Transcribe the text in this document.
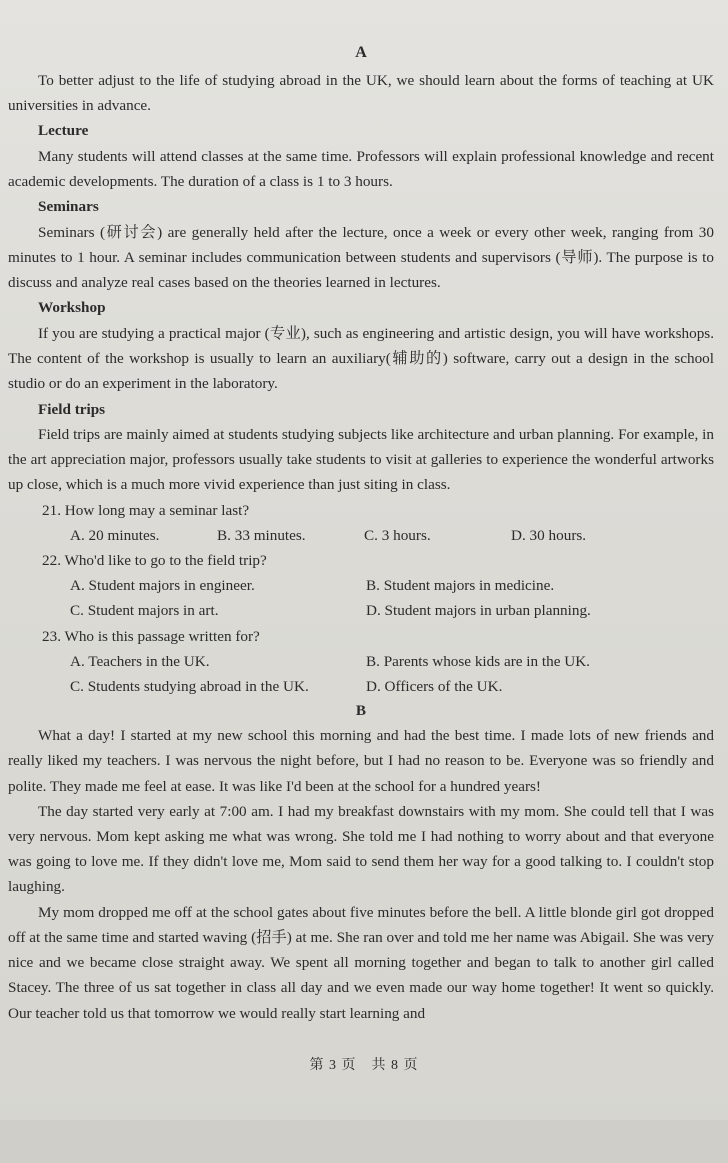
A

To better adjust to the life of studying abroad in the UK, we should learn about the forms of teaching at UK universities in advance.

Lecture

Many students will attend classes at the same time. Professors will explain professional knowledge and recent academic developments. The duration of a class is 1 to 3 hours.

Seminars

Seminars (研讨会) are generally held after the lecture, once a week or every other week, ranging from 30 minutes to 1 hour. A seminar includes communication between students and supervisors (导师). The purpose is to discuss and analyze real cases based on the theories learned in lectures.

Workshop

If you are studying a practical major (专业), such as engineering and artistic design, you will have workshops. The content of the workshop is usually to learn an auxiliary(辅助的) software, carry out a design in the school studio or do an experiment in the laboratory.

Field trips

Field trips are mainly aimed at students studying subjects like architecture and urban planning. For example, in the art appreciation major, professors usually take students to visit at galleries to experience the wonderful artworks up close, which is a much more vivid experience than just siting in class.

21. How long may a seminar last?
A. 20 minutes.	B. 33 minutes.	C. 3 hours.	D. 30 hours.
22. Who'd like to go to the field trip?
A. Student majors in engineer.	B. Student majors in medicine.
C. Student majors in art.	D. Student majors in urban planning.
23. Who is this passage written for?
A. Teachers in the UK.	B. Parents whose kids are in the UK.
C. Students studying abroad in the UK.	D. Officers of the UK.
B

What a day! I started at my new school this morning and had the best time. I made lots of new friends and really liked my teachers. I was nervous the night before, but I had no reason to be. Everyone was so friendly and polite. They made me feel at ease. It was like I'd been at the school for a hundred years!

The day started very early at 7:00 am. I had my breakfast downstairs with my mom. She could tell that I was very nervous. Mom kept asking me what was wrong. She told me I had nothing to worry about and that everyone was going to love me. If they didn't love me, Mom said to send them her way for a good talking to. I couldn't stop laughing.

My mom dropped me off at the school gates about five minutes before the bell. A little blonde girl got dropped off at the same time and started waving (招手) at me. She ran over and told me her name was Abigail. She was very nice and we became close straight away. We spent all morning together and began to talk to another girl called Stacey. The three of us sat together in class all day and we even made our way home together! It went so quickly. Our teacher told us that tomorrow we would really start learning and

第 3 页　共 8 页
